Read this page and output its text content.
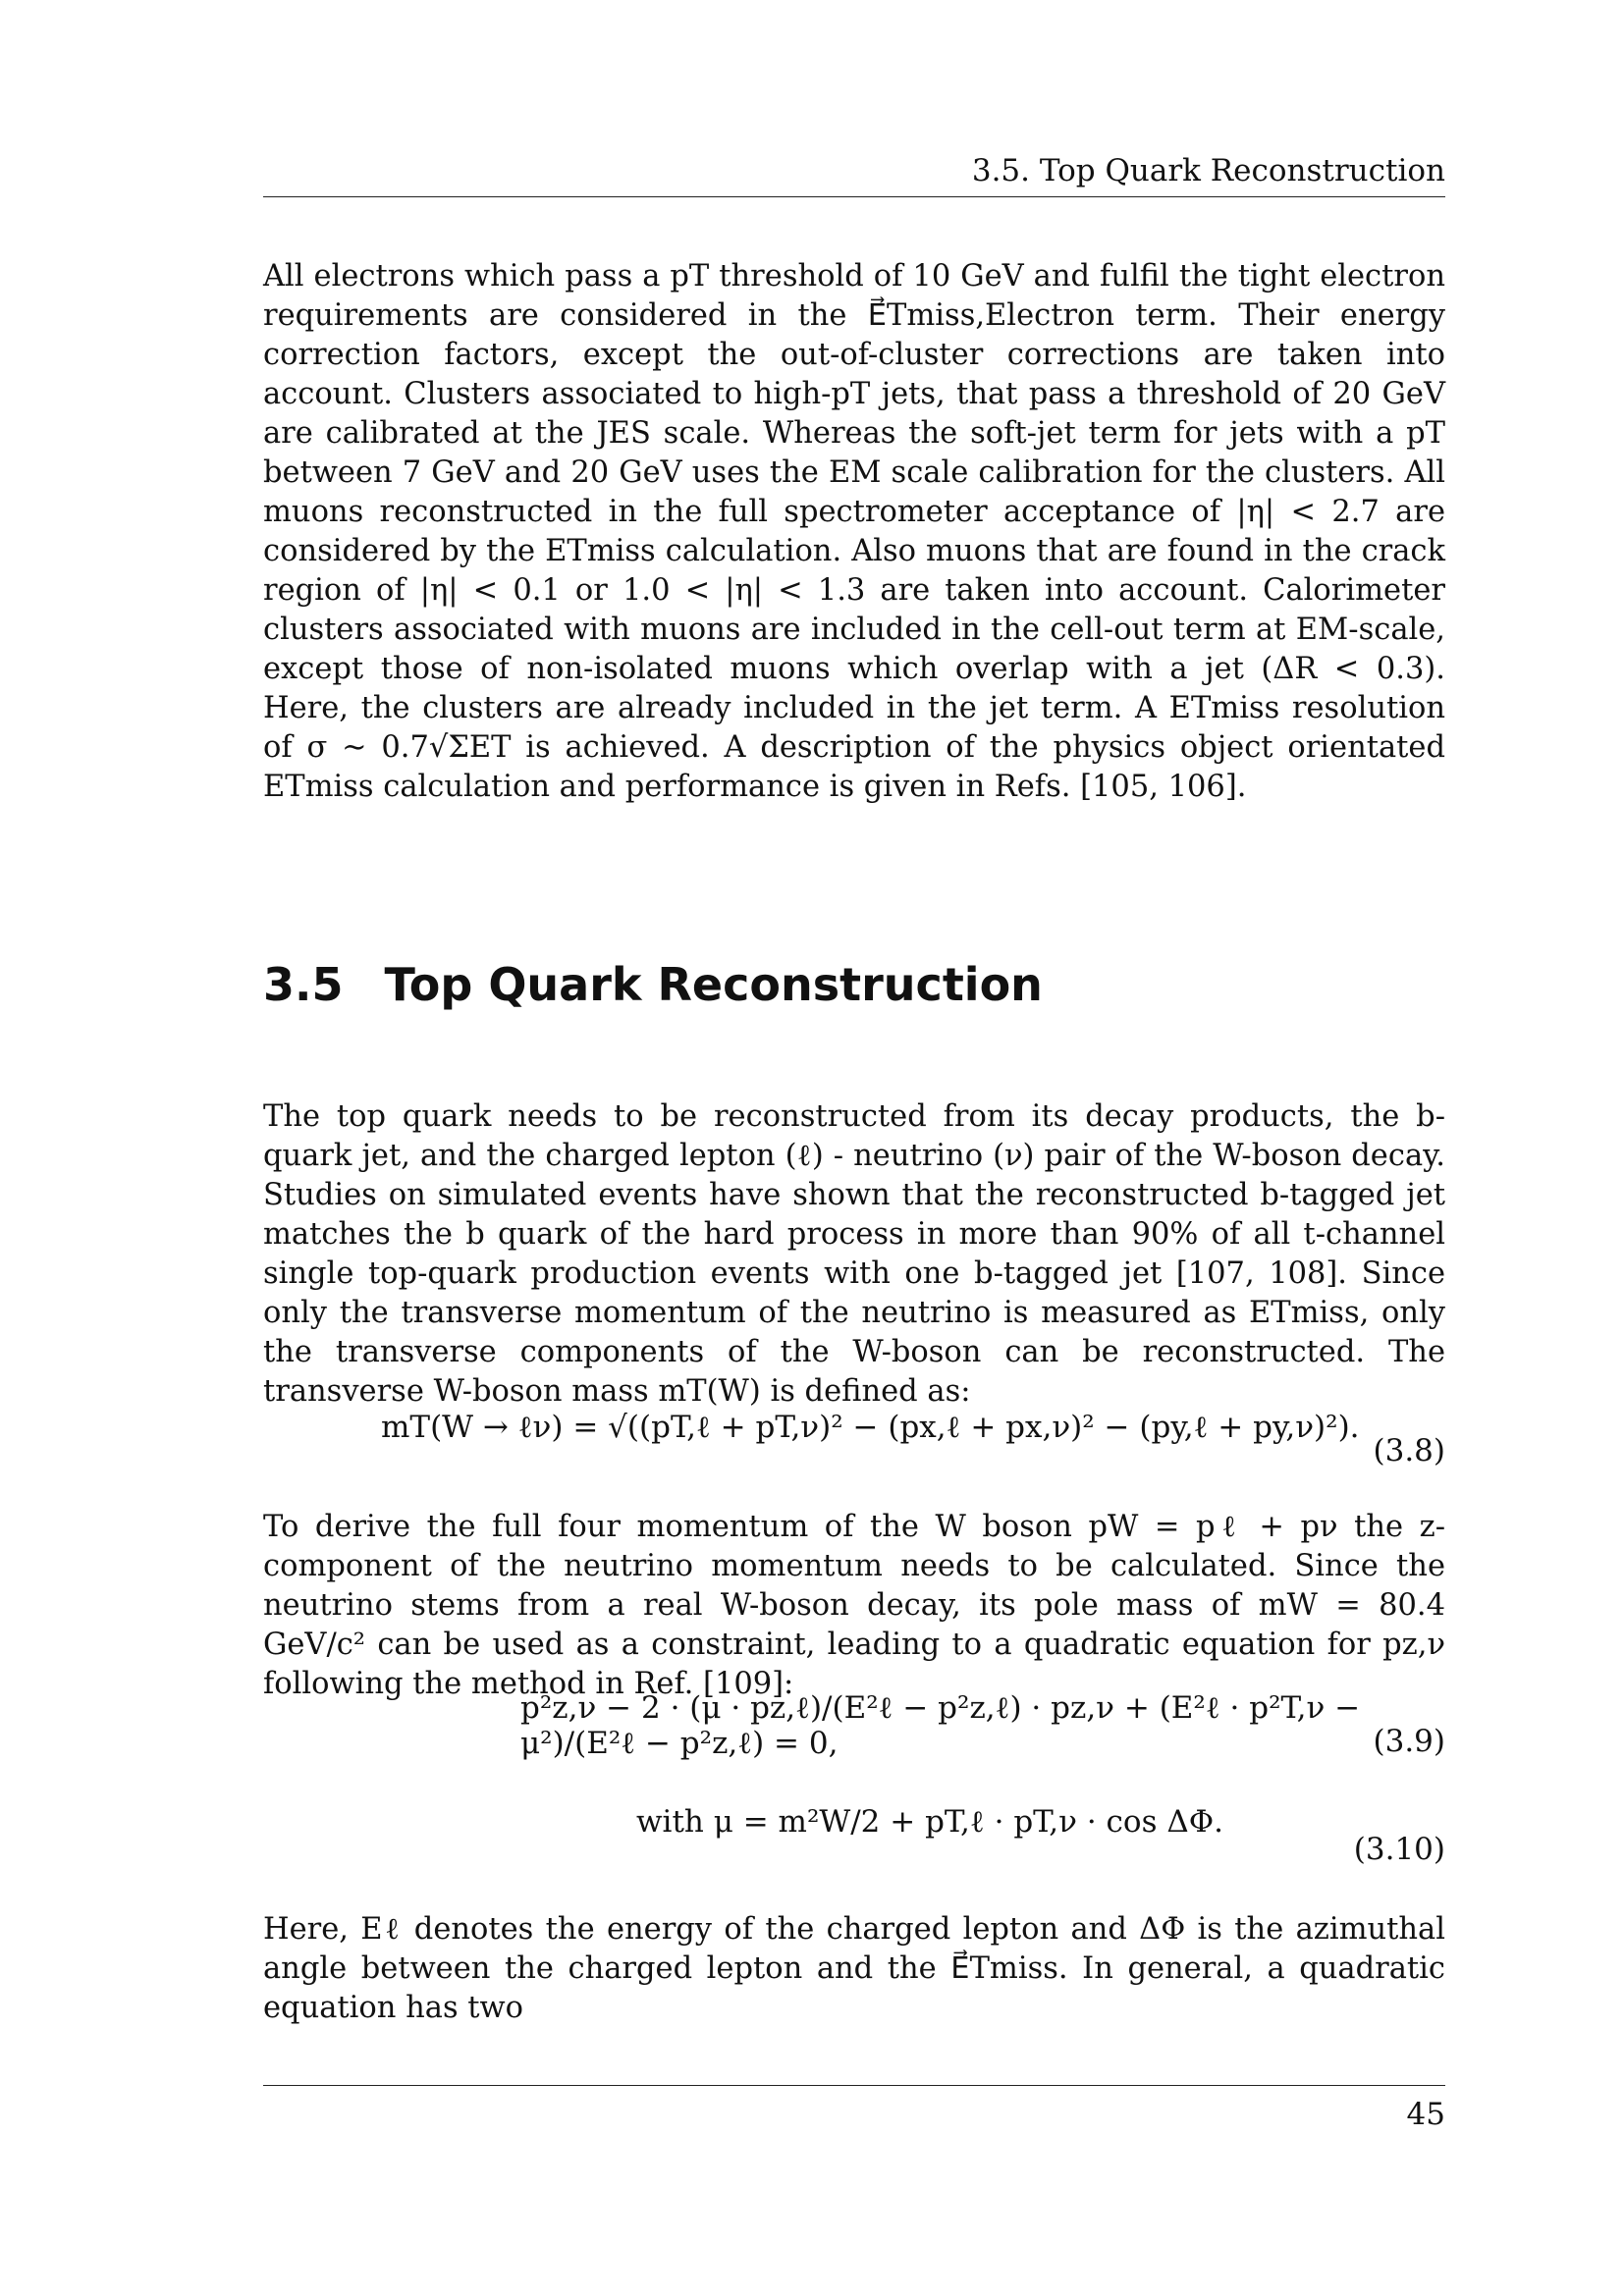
3.5. Top Quark Reconstruction
All electrons which pass a pT threshold of 10 GeV and fulfil the tight electron requirements are considered in the E⃗Tmiss,Electron term. Their energy correction factors, except the out-of-cluster corrections are taken into account. Clusters associated to high-pT jets, that pass a threshold of 20 GeV are calibrated at the JES scale. Whereas the soft-jet term for jets with a pT between 7 GeV and 20 GeV uses the EM scale calibration for the clusters. All muons reconstructed in the full spectrometer acceptance of |η| < 2.7 are considered by the ETmiss calculation. Also muons that are found in the crack region of |η| < 0.1 or 1.0 < |η| < 1.3 are taken into account. Calorimeter clusters associated with muons are included in the cell-out term at EM-scale, except those of non-isolated muons which overlap with a jet (ΔR < 0.3). Here, the clusters are already included in the jet term. A ETmiss resolution of σ ∼ 0.7√ΣET is achieved. A description of the physics object orientated ETmiss calculation and performance is given in Refs. [105, 106].
3.5 Top Quark Reconstruction
The top quark needs to be reconstructed from its decay products, the b-quark jet, and the charged lepton (ℓ) - neutrino (ν) pair of the W-boson decay. Studies on simulated events have shown that the reconstructed b-tagged jet matches the b quark of the hard process in more than 90% of all t-channel single top-quark production events with one b-tagged jet [107, 108]. Since only the transverse momentum of the neutrino is measured as ETmiss, only the transverse components of the W-boson can be reconstructed. The transverse W-boson mass mT(W) is defined as:
mT(W → ℓν) = √((pT,ℓ + pT,ν)² − (px,ℓ + px,ν)² − (py,ℓ + py,ν)²).
(3.8)
To derive the full four momentum of the W boson pW = pℓ + pν the z-component of the neutrino momentum needs to be calculated. Since the neutrino stems from a real W-boson decay, its pole mass of mW = 80.4 GeV/c² can be used as a constraint, leading to a quadratic equation for pz,ν following the method in Ref. [109]:
p²z,ν − 2 · (μ · pz,ℓ)/(E²ℓ − p²z,ℓ) · pz,ν + (E²ℓ · p²T,ν − μ²)/(E²ℓ − p²z,ℓ) = 0,	(3.9)
with μ = m²W/2 + pT,ℓ · pT,ν · cos ΔΦ.
(3.10)
Here, Eℓ denotes the energy of the charged lepton and ΔΦ is the azimuthal angle between the charged lepton and the E⃗Tmiss. In general, a quadratic equation has two
45
